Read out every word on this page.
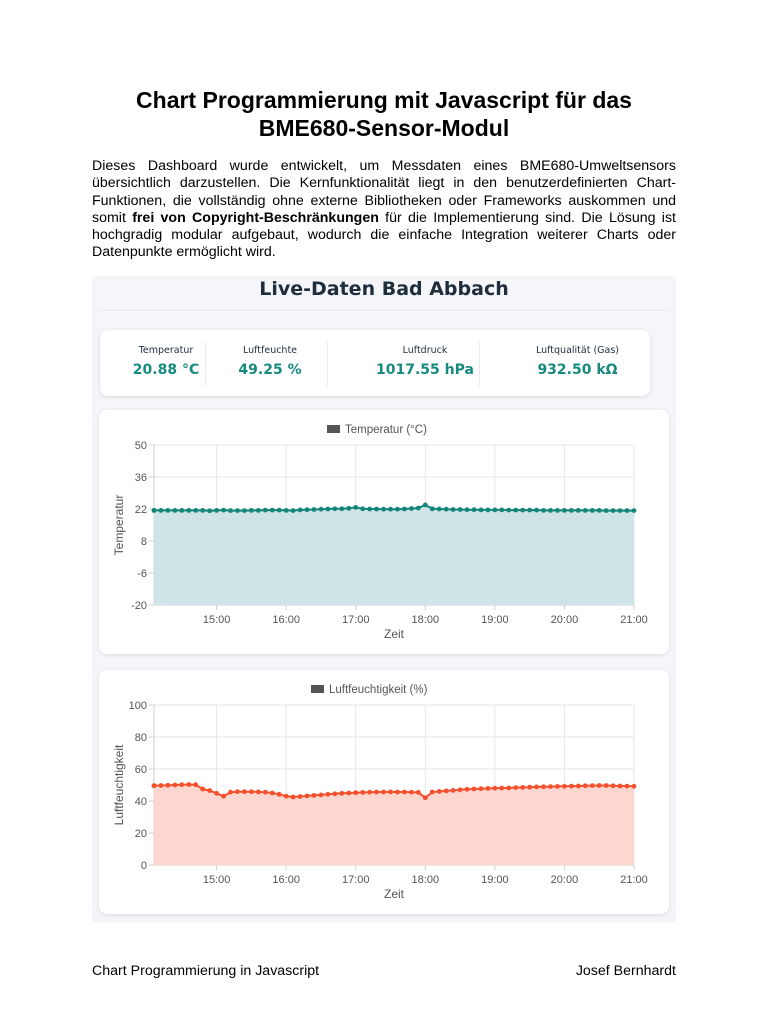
Chart Programmierung mit Javascript für das
BME680-Sensor-Modul
Dieses Dashboard wurde entwickelt, um Messdaten eines BME680-Umweltsensors übersichtlich darzustellen. Die Kernfunktionalität liegt in den benutzerdefinierten Chart-Funktionen, die vollständig ohne externe Bibliotheken oder Frameworks auskommen und somit frei von Copyright-Beschränkungen für die Implementierung sind. Die Lösung ist hochgradig modular aufgebaut, wodurch die einfache Integration weiterer Charts oder Datenpunkte ermöglicht wird.
Live-Daten Bad Abbach
Temperatur
20.88 °C
Luftfeuchte
49.25 %
Luftdruck
1017.55 hPa
Luftqualität (Gas)
932.50 kΩ
Temperatur (°C)
-20
-6
8
22
36
50
15:00	16:00	17:00	18:00	19:00	20:00	21:00
Zeit
Temperatur
Luftfeuchtigkeit (%)
0
20
40
60
80
100
15:00	16:00	17:00	18:00	19:00	20:00	21:00
Zeit
Luftfeuchtigkeit
Chart Programmierung in Javascript	Josef Bernhardt
